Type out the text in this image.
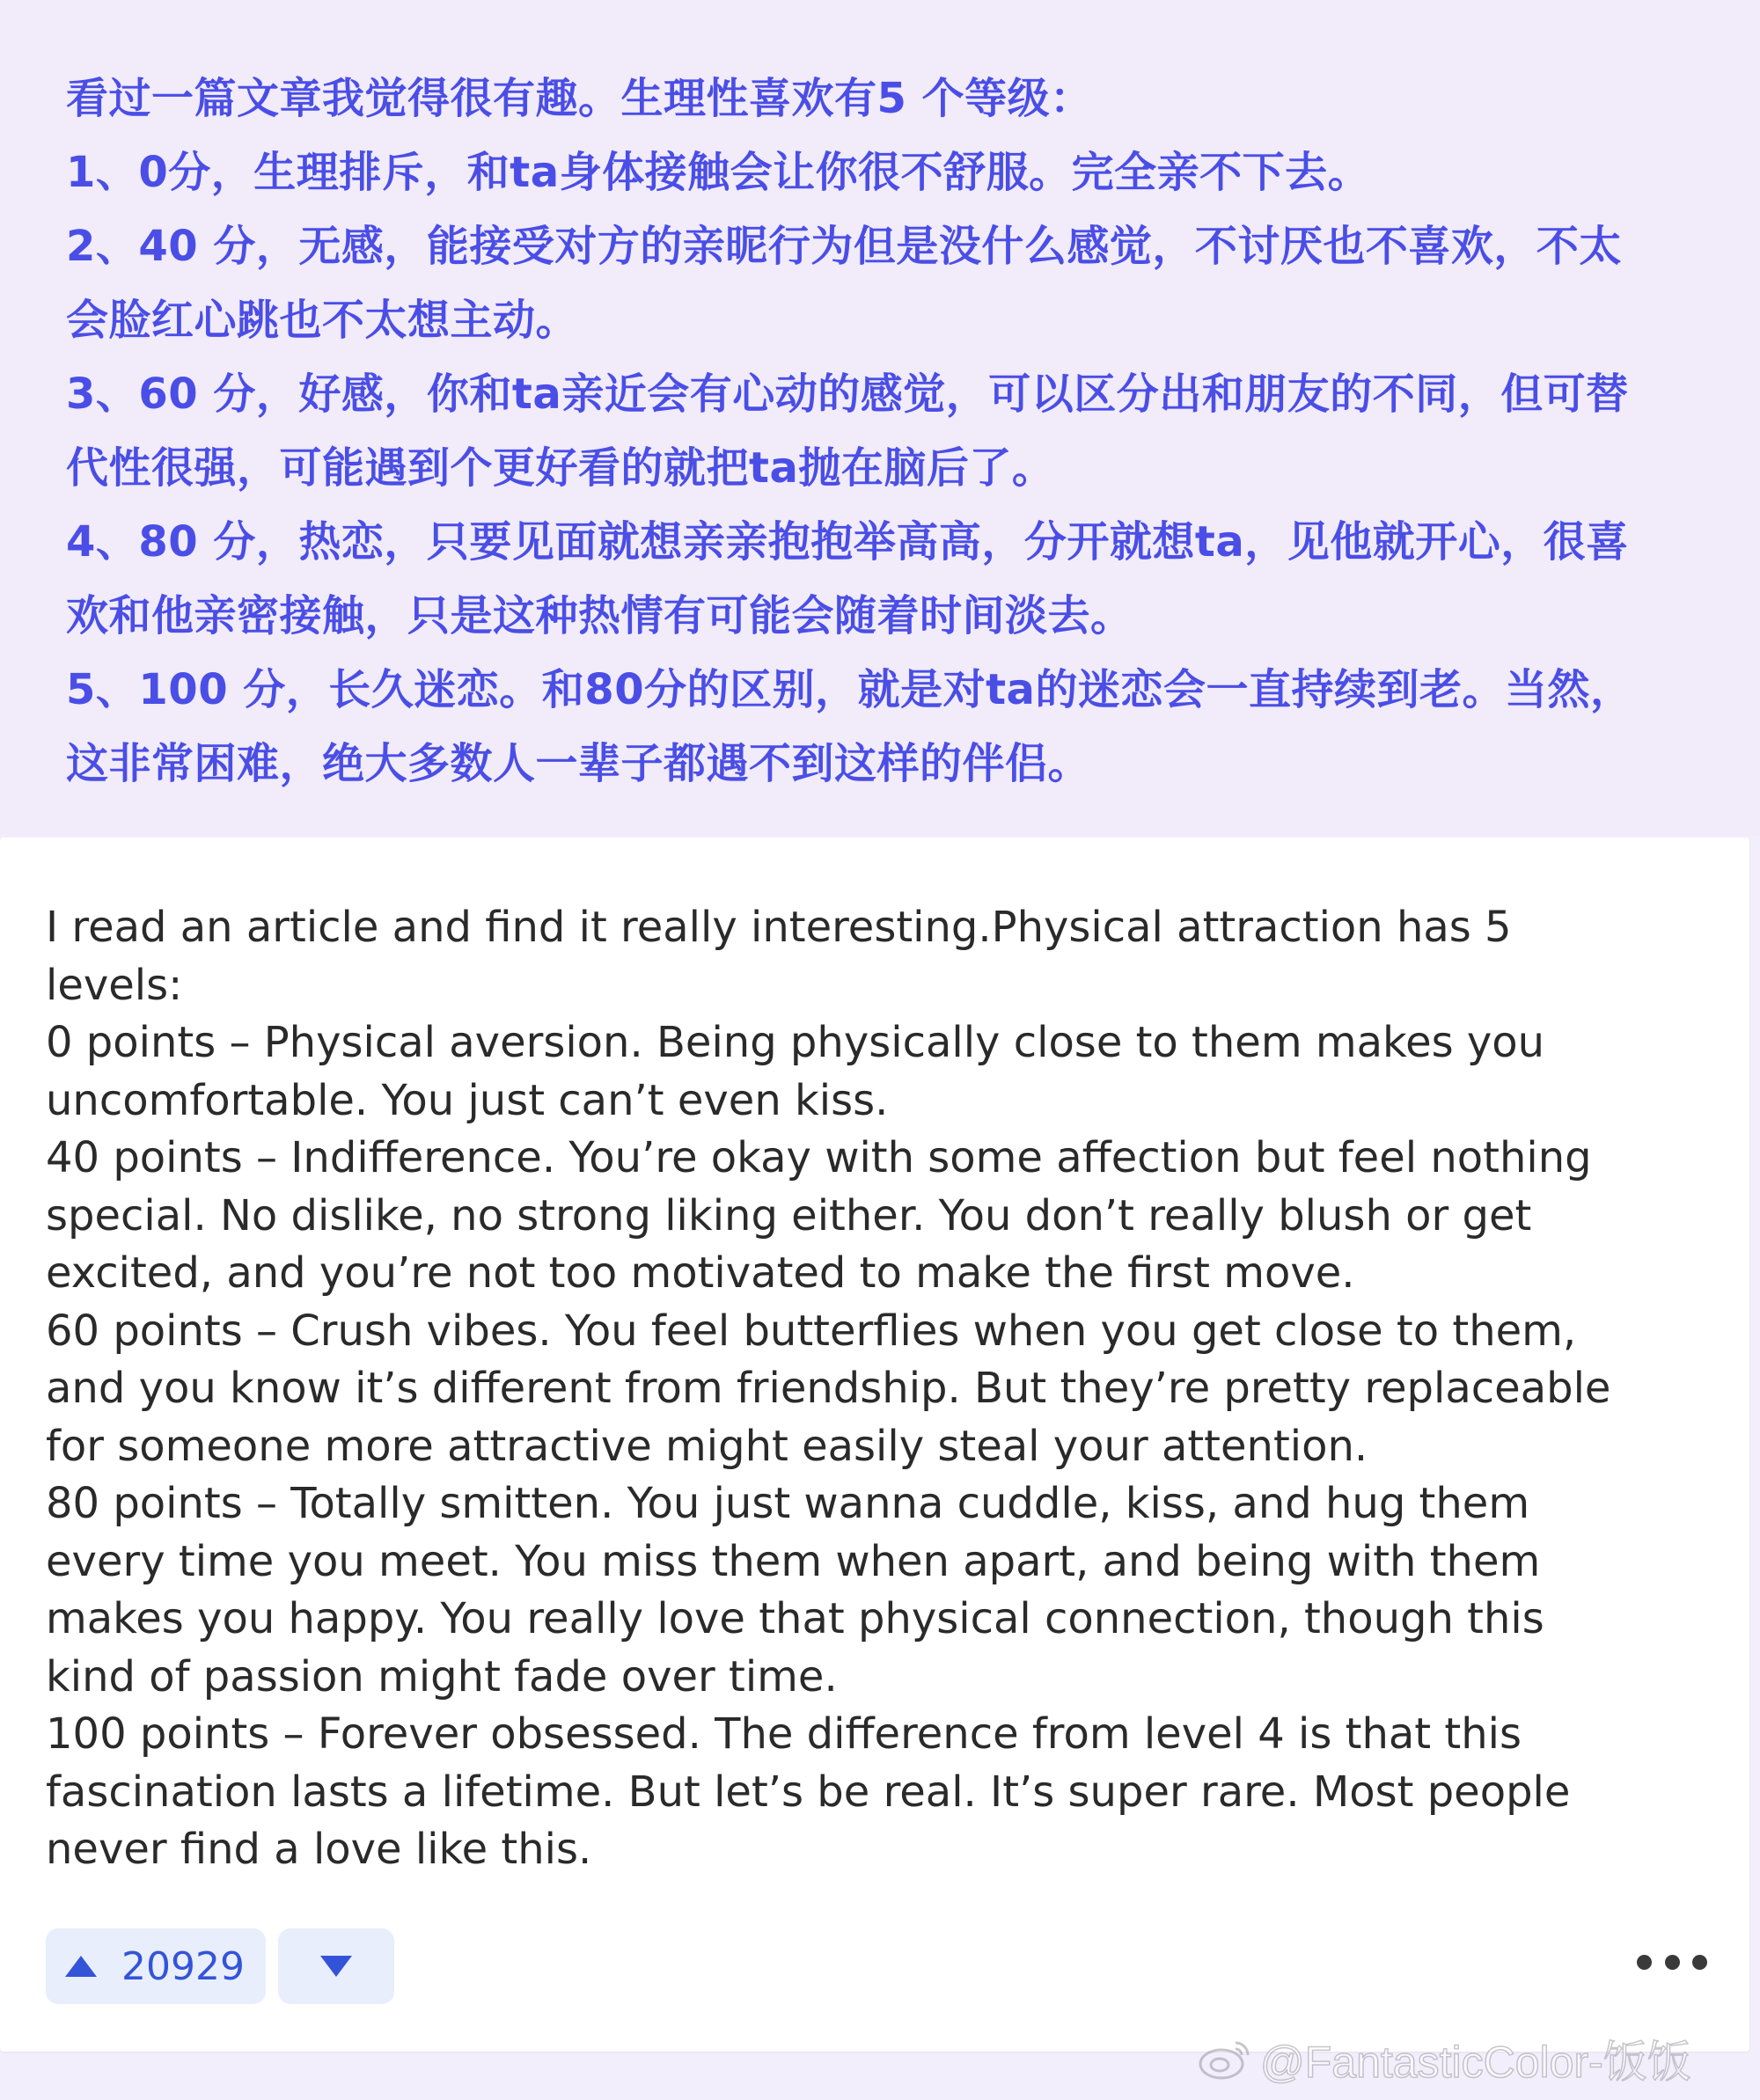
看过一篇文章我觉得很有趣。生理性喜欢有5 个等级：
1、0分，生理排斥，和ta身体接触会让你很不舒服。完全亲不下去。
2、40 分，无感，能接受对方的亲昵行为但是没什么感觉，不讨厌也不喜欢，不太
会脸红心跳也不太想主动。
3、60 分，好感，你和ta亲近会有心动的感觉，可以区分出和朋友的不同，但可替
代性很强，可能遇到个更好看的就把ta抛在脑后了。
4、80 分，热恋，只要见面就想亲亲抱抱举高高，分开就想ta，见他就开心，很喜
欢和他亲密接触，只是这种热情有可能会随着时间淡去。
5、100 分，长久迷恋。和80分的区别，就是对ta的迷恋会一直持续到老。当然，
这非常困难，绝大多数人一辈子都遇不到这样的伴侣。
I read an article and find it really interesting.Physical attraction has 5
levels:
0 points – Physical aversion. Being physically close to them makes you
uncomfortable. You just can’t even kiss.
40 points – Indifference. You’re okay with some affection but feel nothing
special. No dislike, no strong liking either. You don’t really blush or get
excited, and you’re not too motivated to make the first move.
60 points – Crush vibes. You feel butterflies when you get close to them,
and you know it’s different from friendship. But they’re pretty replaceable
for someone more attractive might easily steal your attention.
80 points – Totally smitten. You just wanna cuddle, kiss, and hug them
every time you meet. You miss them when apart, and being with them
makes you happy. You really love that physical connection, though this
kind of passion might fade over time.
100 points – Forever obsessed. The difference from level 4 is that this
fascination lasts a lifetime. But let’s be real. It’s super rare. Most people
never find a love like this.
20929
@FantasticColor-饭饭
